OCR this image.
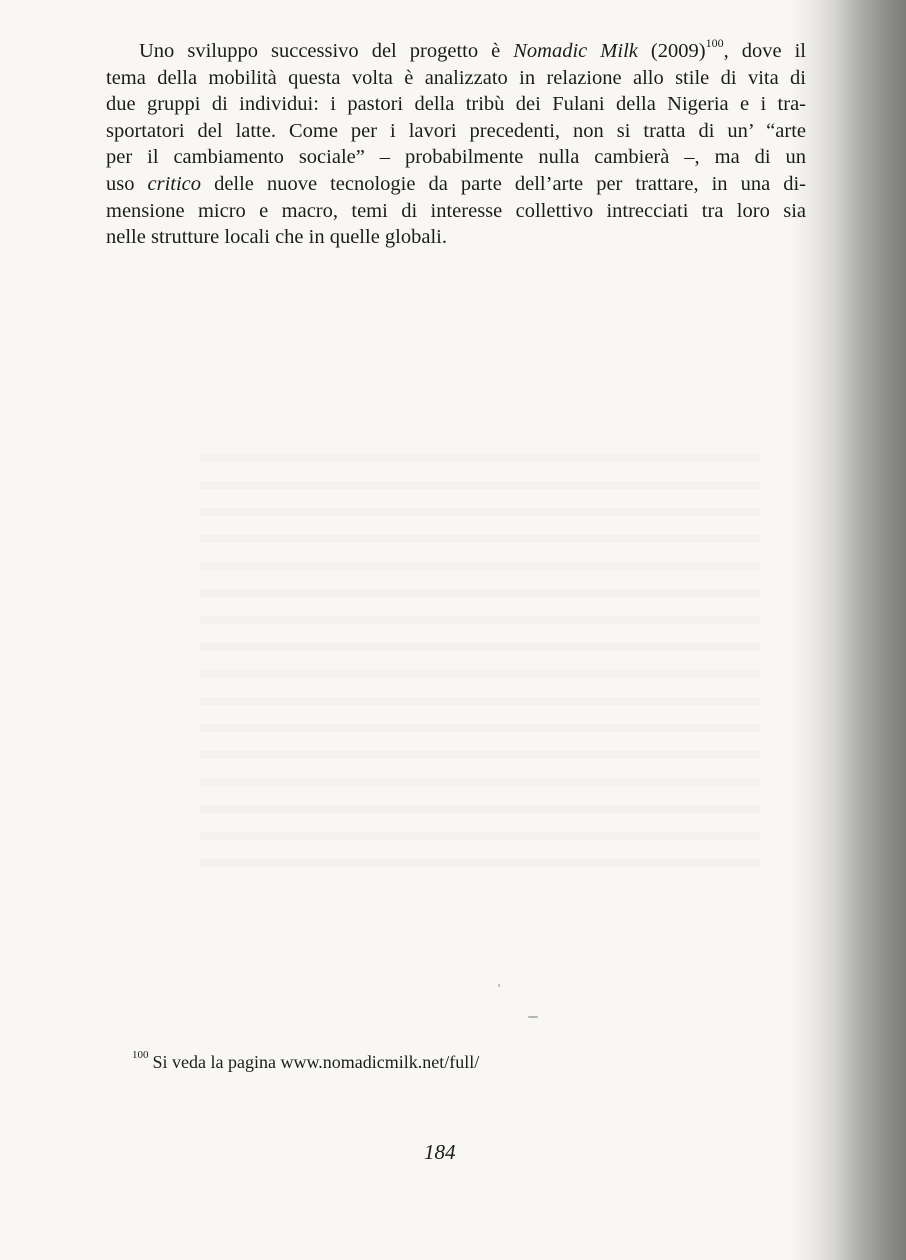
Uno sviluppo successivo del progetto è Nomadic Milk $(2009)^{100}$, dove il
tema della mobilità questa volta è analizzato in relazione allo stile di vita di
due gruppi di individui: i pastori della tribù dei Fulani della Nigeria e i tra-
sportatori del latte. Come per i lavori precedenti, non si tratta di un’ “arte
per il cambiamento sociale” – probabilmente nulla cambierà –, ma di un
uso critico delle nuove tecnologie da parte dell’arte per trattare, in una di-
mensione micro e macro, temi di interesse collettivo intrecciati tra loro sia
nelle strutture locali che in quelle globali.

$^{100}$ Si veda la pagina www.nomadicmilk.net/full/
184
